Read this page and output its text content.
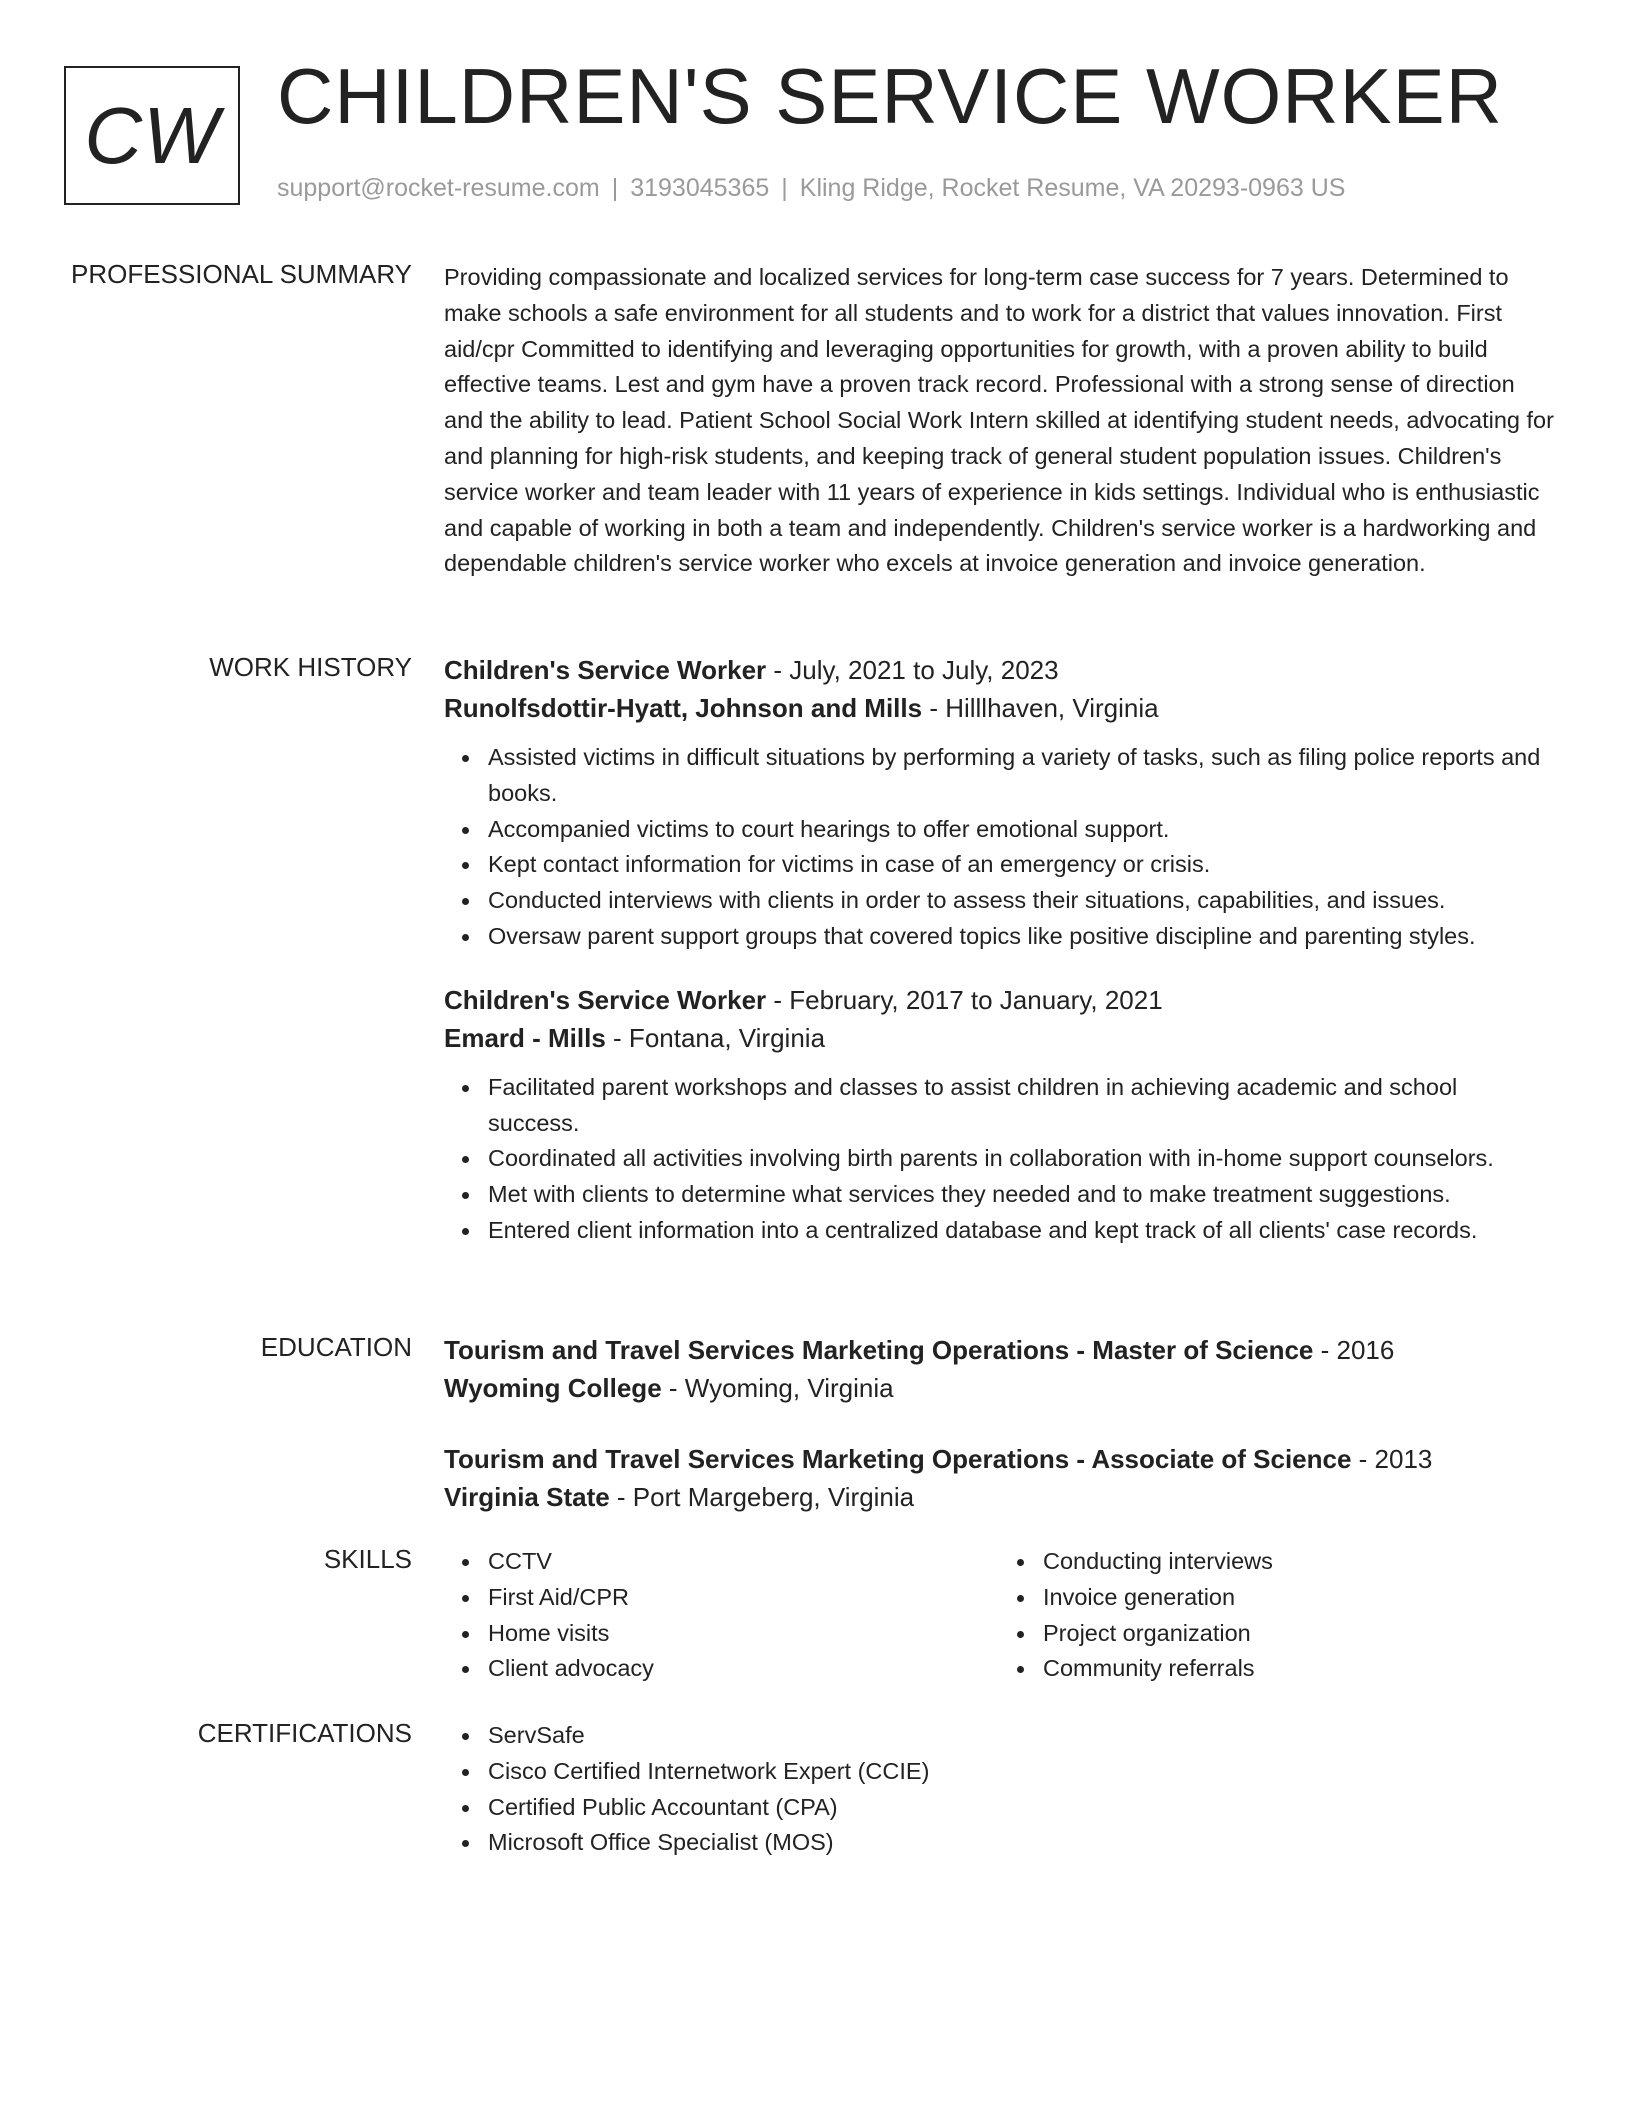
CW CHILDREN'S SERVICE WORKER
support@rocket-resume.com | 3193045365 | Kling Ridge, Rocket Resume, VA 20293-0963 US
PROFESSIONAL SUMMARY Providing compassionate and localized services for long-term case success for 7 years. Determined to make schools a safe environment for all students and to work for a district that values innovation. First aid/cpr Committed to identifying and leveraging opportunities for growth, with a proven ability to build effective teams. Lest and gym have a proven track record. Professional with a strong sense of direction and the ability to lead. Patient School Social Work Intern skilled at identifying student needs, advocating for and planning for high-risk students, and keeping track of general student population issues. Children's service worker and team leader with 11 years of experience in kids settings. Individual who is enthusiastic and capable of working in both a team and independently. Children's service worker is a hardworking and dependable children's service worker who excels at invoice generation and invoice generation.

WORK HISTORY Children's Service Worker - July, 2021 to July, 2023
Runolfsdottir-Hyatt, Johnson and Mills - Hilllhaven, Virginia
Assisted victims in difficult situations by performing a variety of tasks, such as filing police reports and books.
Accompanied victims to court hearings to offer emotional support.
Kept contact information for victims in case of an emergency or crisis.
Conducted interviews with clients in order to assess their situations, capabilities, and issues.
Oversaw parent support groups that covered topics like positive discipline and parenting styles.
Children's Service Worker - February, 2017 to January, 2021
Emard - Mills - Fontana, Virginia
Facilitated parent workshops and classes to assist children in achieving academic and school success.
Coordinated all activities involving birth parents in collaboration with in-home support counselors.
Met with clients to determine what services they needed and to make treatment suggestions.
Entered client information into a centralized database and kept track of all clients' case records.
EDUCATION Tourism and Travel Services Marketing Operations - Master of Science - 2016
Wyoming College - Wyoming, Virginia
Tourism and Travel Services Marketing Operations - Associate of Science - 2013
Virginia State - Port Margeberg, Virginia
SKILLS	CCTV
First Aid/CPR
Home visits
Client advocacy
Conducting interviews
Invoice generation
Project organization
Community referrals
CERTIFICATIONS	ServSafe
Cisco Certified Internetwork Expert (CCIE)
Certified Public Accountant (CPA)
Microsoft Office Specialist (MOS)
